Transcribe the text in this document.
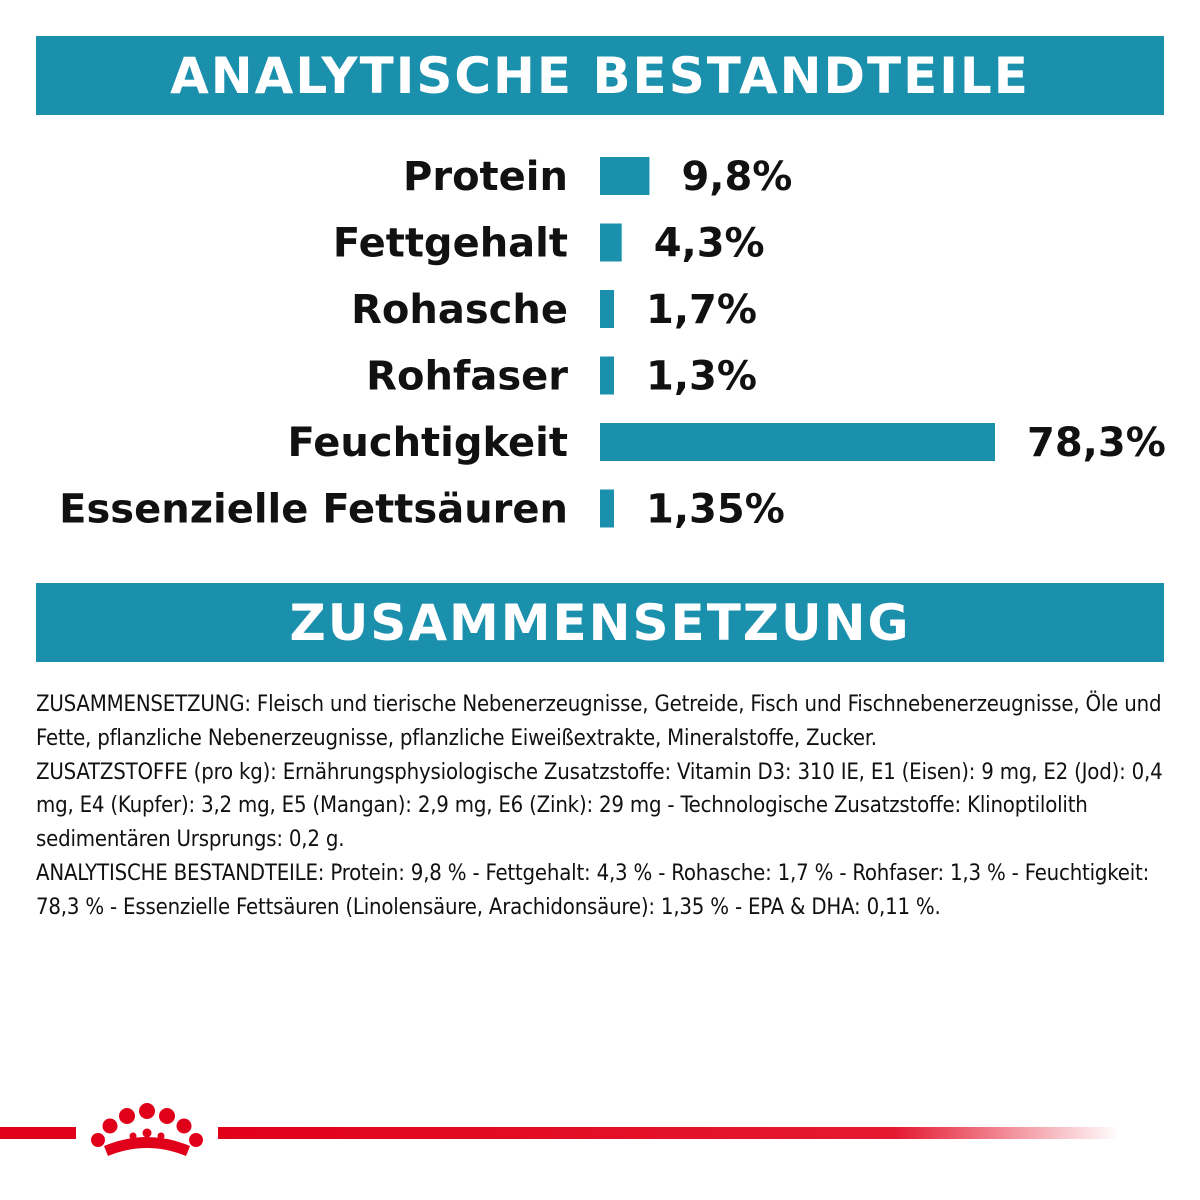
ANALYTISCHE BESTANDTEILE
Protein	9,8%
Fettgehalt 4,3%
Rohasche 1,7%
Rohfaser 1,3%
Feuchtigkeit	78,3%
Essenzielle Fettsäuren 1,35%
ZUSAMMENSETZUNG

ZUSAMMENSETZUNG: Fleisch und tierische Nebenerzeugnisse, Getreide, Fisch und Fischnebenerzeugnisse, Öle und Fette, pflanzliche Nebenerzeugnisse, pflanzliche Eiweißextrakte, Mineralstoffe, Zucker.

ZUSATZSTOFFE (pro kg): Ernährungsphysiologische Zusatzstoffe: Vitamin D3: 310 IE, E1 (Eisen): 9 mg, E2 (Jod): 0,4 mg, E4 (Kupfer): 3,2 mg, E5 (Mangan): 2,9 mg, E6 (Zink): 29 mg - Technologische Zusatzstoffe: Klinoptilolith sedimentären Ursprungs: 0,2 g.

ANALYTISCHE BESTANDTEILE: Protein: 9,8 % - Fettgehalt: 4,3 % - Rohasche: 1,7 % - Rohfaser: 1,3 % - Feuchtigkeit: 78,3 % - Essenzielle Fettsäuren (Linolensäure, Arachidonsäure): 1,35 % - EPA & DHA: 0,11 %.
